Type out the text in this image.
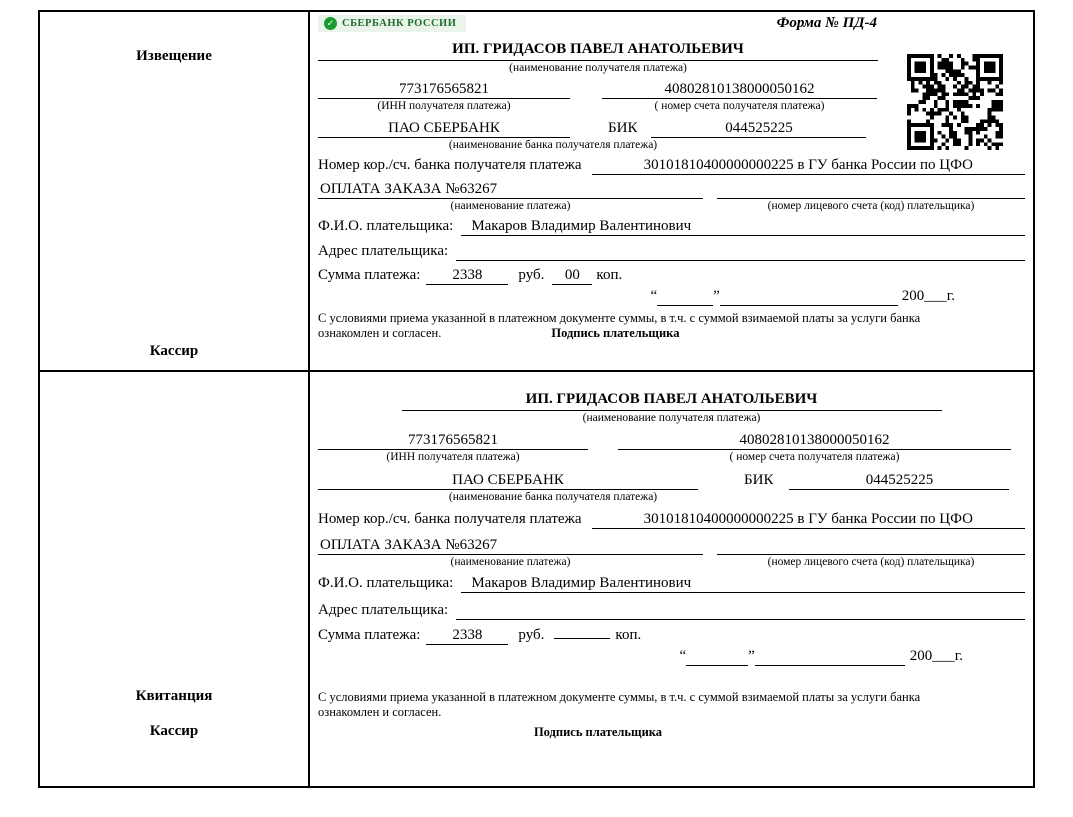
Извещение
Кассир
✓ СБЕРБАНК РОССИИ	Форма № ПД-4
ИП. ГРИДАСОВ ПАВЕЛ АНАТОЛЬЕВИЧ
(наименование получателя платежа)
773176565821	40802810138000050162
(ИНН получателя платежа)	( номер счета получателя платежа)
ПАО СБЕРБАНК	БИК	044525225
(наименование банка получателя платежа)
Номер кор./сч. банка получателя платежа	30101810400000000225 в ГУ банка России по ЦФО
ОПЛАТА ЗАКАЗА №63267

(наименование платежа)	(номер лицевого счета (код) плательщика)
Ф.И.О. плательщика:	Макаров Владимир Валентинович
Адрес плательщика:

Сумма платежа:	2338	руб.	00	коп.
“
	”
	200___г.
С условиями приема указанной в платежном документе суммы, в т.ч. с суммой взимаемой платы за услуги банка
ознакомлен и согласен.	Подпись плательщика
Квитанция
Кассир
ИП. ГРИДАСОВ ПАВЕЛ АНАТОЛЬЕВИЧ
(наименование получателя платежа)
773176565821	40802810138000050162
(ИНН получателя платежа)	( номер счета получателя платежа)
ПАО СБЕРБАНК	БИК	044525225
(наименование банка получателя платежа)
Номер кор./сч. банка получателя платежа	30101810400000000225 в ГУ банка России по ЦФО
ОПЛАТА ЗАКАЗА №63267

(наименование платежа)	(номер лицевого счета (код) плательщика)
Ф.И.О. плательщика:	Макаров Владимир Валентинович
Адрес плательщика:

Сумма платежа:	2338	руб.	коп.
“
	”
	200___г.
С условиями приема указанной в платежном документе суммы, в т.ч. с суммой взимаемой платы за услуги банка
ознакомлен и согласен.
Подпись плательщика
